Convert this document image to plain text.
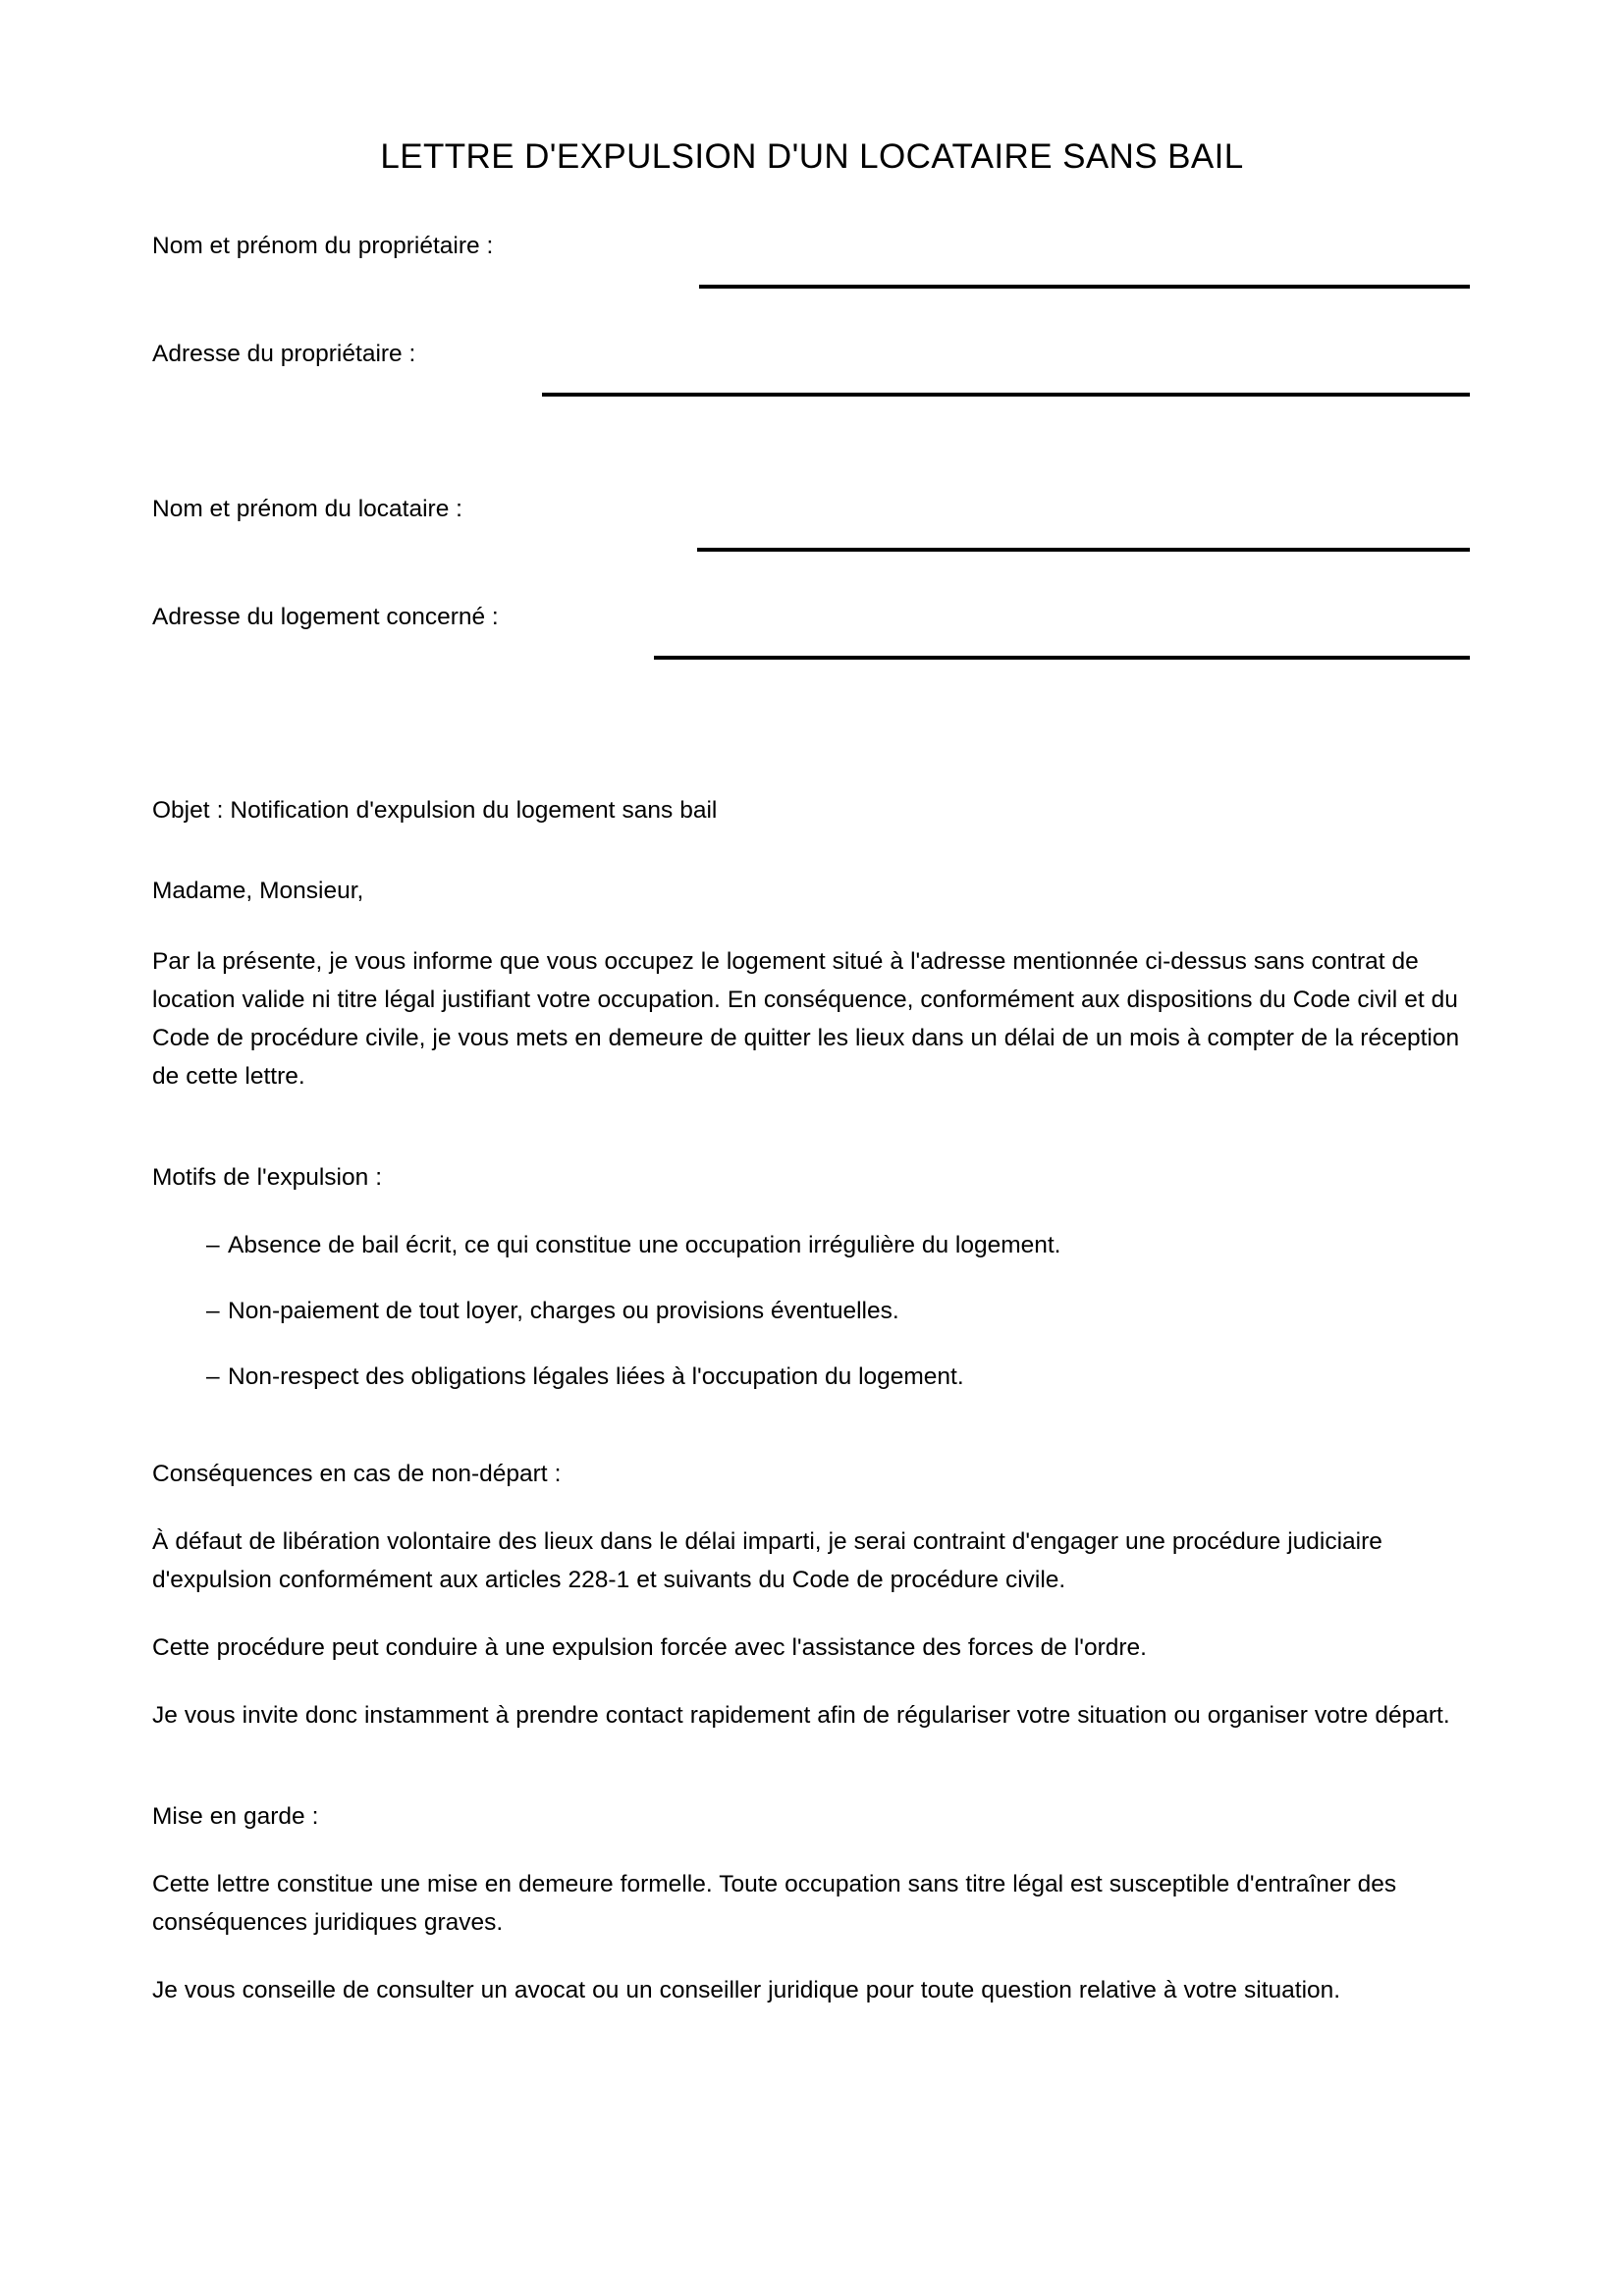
LETTRE D'EXPULSION D'UN LOCATAIRE SANS BAIL
Nom et prénom du propriétaire :
Adresse du propriétaire :
Nom et prénom du locataire :
Adresse du logement concerné :

Objet : Notification d'expulsion du logement sans bail

Madame, Monsieur,

Par la présente, je vous informe que vous occupez le logement situé à l'adresse mentionnée ci-dessus sans contrat de location valide ni titre légal justifiant votre occupation. En conséquence, conformément aux dispositions du Code civil et du Code de procédure civile, je vous mets en demeure de quitter les lieux dans un délai de un mois à compter de la réception de cette lettre.

Motifs de l'expulsion :

– Absence de bail écrit, ce qui constitue une occupation irrégulière du logement.
– Non-paiement de tout loyer, charges ou provisions éventuelles.
– Non-respect des obligations légales liées à l'occupation du logement.

Conséquences en cas de non-départ :

À défaut de libération volontaire des lieux dans le délai imparti, je serai contraint d'engager une procédure judiciaire d'expulsion conformément aux articles 228-1 et suivants du Code de procédure civile.

Cette procédure peut conduire à une expulsion forcée avec l'assistance des forces de l'ordre.

Je vous invite donc instamment à prendre contact rapidement afin de régulariser votre situation ou organiser votre départ.

Mise en garde :

Cette lettre constitue une mise en demeure formelle. Toute occupation sans titre légal est susceptible d'entraîner des conséquences juridiques graves.

Je vous conseille de consulter un avocat ou un conseiller juridique pour toute question relative à votre situation.
